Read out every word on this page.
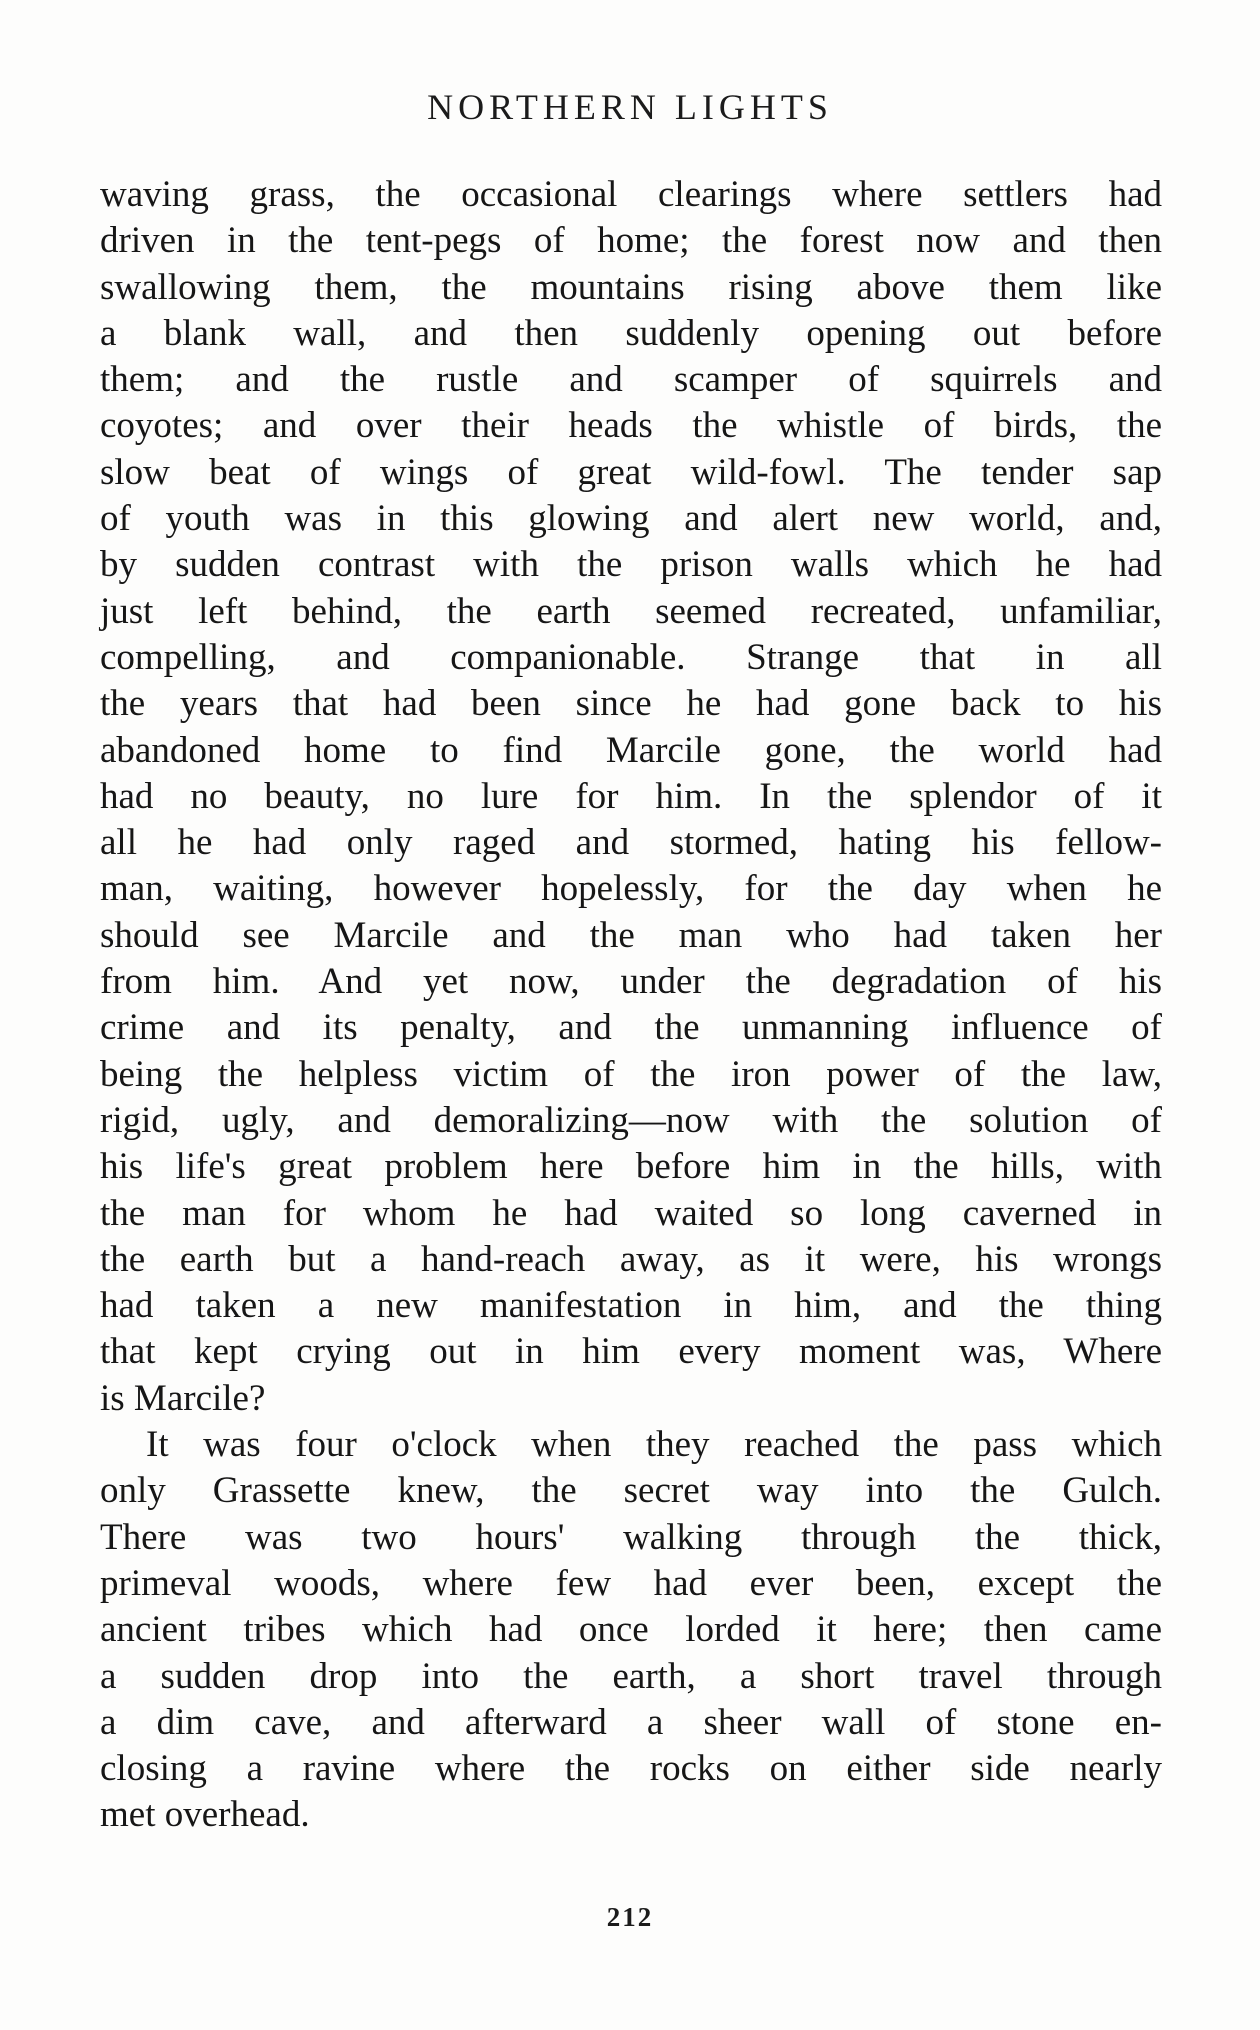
NORTHERN LIGHTS
waving grass, the occasional clearings where settlers had
driven in the tent-pegs of home; the forest now and then
swallowing them, the mountains rising above them like
a blank wall, and then suddenly opening out before
them; and the rustle and scamper of squirrels and
coyotes; and over their heads the whistle of birds, the
slow beat of wings of great wild-fowl. The tender sap
of youth was in this glowing and alert new world, and,
by sudden contrast with the prison walls which he had
just left behind, the earth seemed recreated, unfamiliar,
compelling, and companionable. Strange that in all
the years that had been since he had gone back to his
abandoned home to find Marcile gone, the world had
had no beauty, no lure for him. In the splendor of it
all he had only raged and stormed, hating his fellow-
man, waiting, however hopelessly, for the day when he
should see Marcile and the man who had taken her
from him. And yet now, under the degradation of his
crime and its penalty, and the unmanning influence of
being the helpless victim of the iron power of the law,
rigid, ugly, and demoralizing—now with the solution of
his life's great problem here before him in the hills, with
the man for whom he had waited so long caverned in
the earth but a hand-reach away, as it were, his wrongs
had taken a new manifestation in him, and the thing
that kept crying out in him every moment was, Where
is Marcile?
It was four o'clock when they reached the pass which
only Grassette knew, the secret way into the Gulch.
There was two hours' walking through the thick,
primeval woods, where few had ever been, except the
ancient tribes which had once lorded it here; then came
a sudden drop into the earth, a short travel through
a dim cave, and afterward a sheer wall of stone en-
closing a ravine where the rocks on either side nearly
met overhead.
212
